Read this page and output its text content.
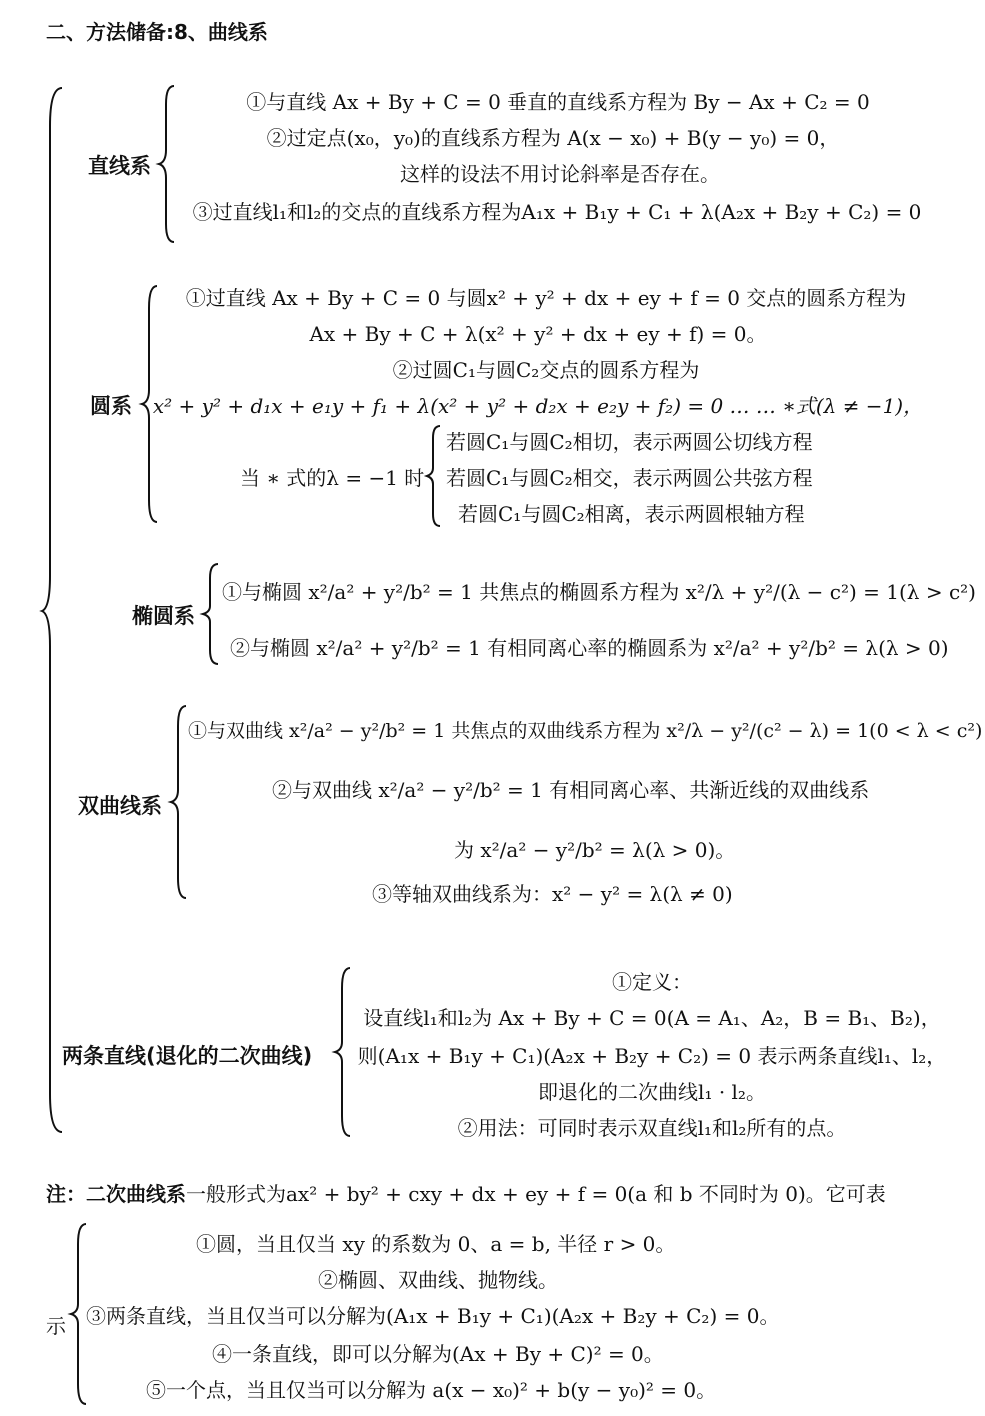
二、方法储备:8、曲线系
直线系
①与直线 Ax + By + C = 0 垂直的直线系方程为 By − Ax + C₂ = 0
②过定点(x₀，y₀)的直线系方程为 A(x − x₀) + B(y − y₀) = 0，
这样的设法不用讨论斜率是否存在。
③过直线l₁和l₂的交点的直线系方程为A₁x + B₁y + C₁ + λ(A₂x + B₂y + C₂) = 0
圆系
①过直线 Ax + By + C = 0 与圆x² + y² + dx + ey + f = 0 交点的圆系方程为
Ax + By + C + λ(x² + y² + dx + ey + f) = 0。
②过圆C₁与圆C₂交点的圆系方程为
x² + y² + d₁x + e₁y + f₁ + λ(x² + y² + d₂x + e₂y + f₂) = 0 … … ∗式(λ ≠ −1)，
当 ∗ 式的λ = −1 时
若圆C₁与圆C₂相切，表示两圆公切线方程
若圆C₁与圆C₂相交，表示两圆公共弦方程
若圆C₁与圆C₂相离，表示两圆根轴方程
椭圆系
①与椭圆 x²/a² + y²/b² = 1 共焦点的椭圆系方程为 x²/λ + y²/(λ − c²) = 1(λ > c²)
②与椭圆 x²/a² + y²/b² = 1 有相同离心率的椭圆系为 x²/a² + y²/b² = λ(λ > 0)
双曲线系
①与双曲线 x²/a² − y²/b² = 1 共焦点的双曲线系方程为 x²/λ − y²/(c² − λ) = 1(0 < λ < c²)
②与双曲线 x²/a² − y²/b² = 1 有相同离心率、共渐近线的双曲线系
为 x²/a² − y²/b² = λ(λ > 0)。
③等轴双曲线系为：x² − y² = λ(λ ≠ 0)
两条直线(退化的二次曲线)
①定义：
设直线l₁和l₂为 Ax + By + C = 0(A = A₁、A₂，B = B₁、B₂)，
则(A₁x + B₁y + C₁)(A₂x + B₂y + C₂) = 0 表示两条直线l₁、l₂，
即退化的二次曲线l₁ · l₂。
②用法：可同时表示双直线l₁和l₂所有的点。
注：二次曲线系一般形式为ax² + by² + cxy + dx + ey + f = 0(a 和 b 不同时为 0)。它可表
示
①圆，当且仅当 xy 的系数为 0、a = b, 半径 r > 0。
②椭圆、双曲线、抛物线。
③两条直线，当且仅当可以分解为(A₁x + B₁y + C₁)(A₂x + B₂y + C₂) = 0。
④一条直线，即可以分解为(Ax + By + C)² = 0。
⑤一个点，当且仅当可以分解为 a(x − x₀)² + b(y − y₀)² = 0。
